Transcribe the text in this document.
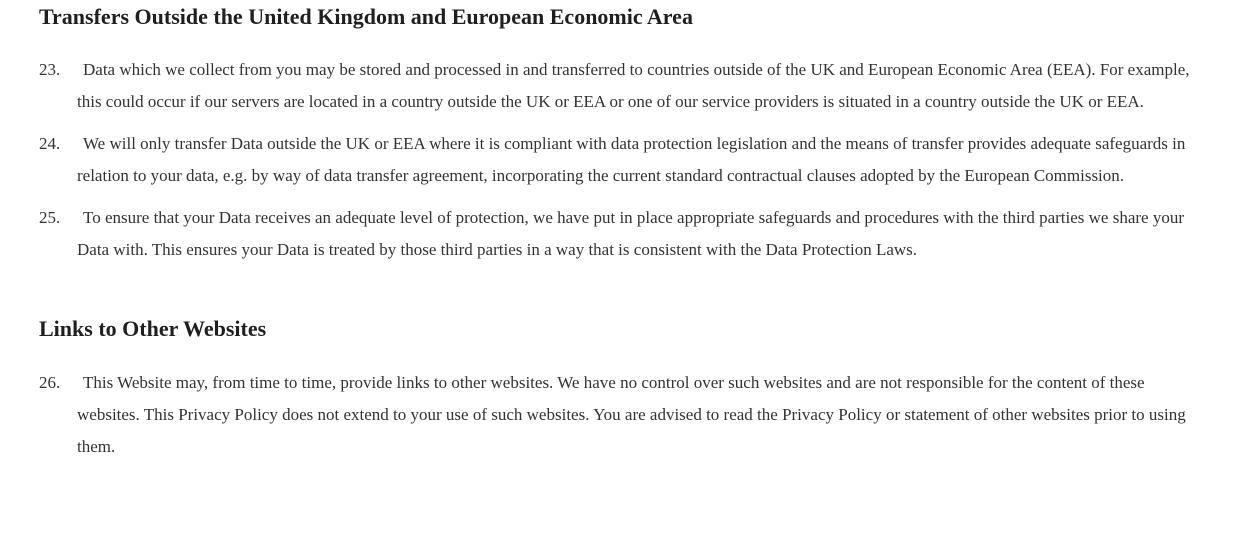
Transfers Outside the United Kingdom and European Economic Area
23.	Data which we collect from you may be stored and processed in and transferred to countries outside of the UK and European Economic Area (EEA). For example, this could occur if our servers are located in a country outside the UK or EEA or one of our service providers is situated in a country outside the UK or EEA.
24.	We will only transfer Data outside the UK or EEA where it is compliant with data protection legislation and the means of transfer provides adequate safeguards in relation to your data, e.g. by way of data transfer agreement, incorporating the current standard contractual clauses adopted by the European Commission.
25.	To ensure that your Data receives an adequate level of protection, we have put in place appropriate safeguards and procedures with the third parties we share your Data with. This ensures your Data is treated by those third parties in a way that is consistent with the Data Protection Laws.
Links to Other Websites
26.	This Website may, from time to time, provide links to other websites. We have no control over such websites and are not responsible for the content of these websites. This Privacy Policy does not extend to your use of such websites. You are advised to read the Privacy Policy or statement of other websites prior to using them.
